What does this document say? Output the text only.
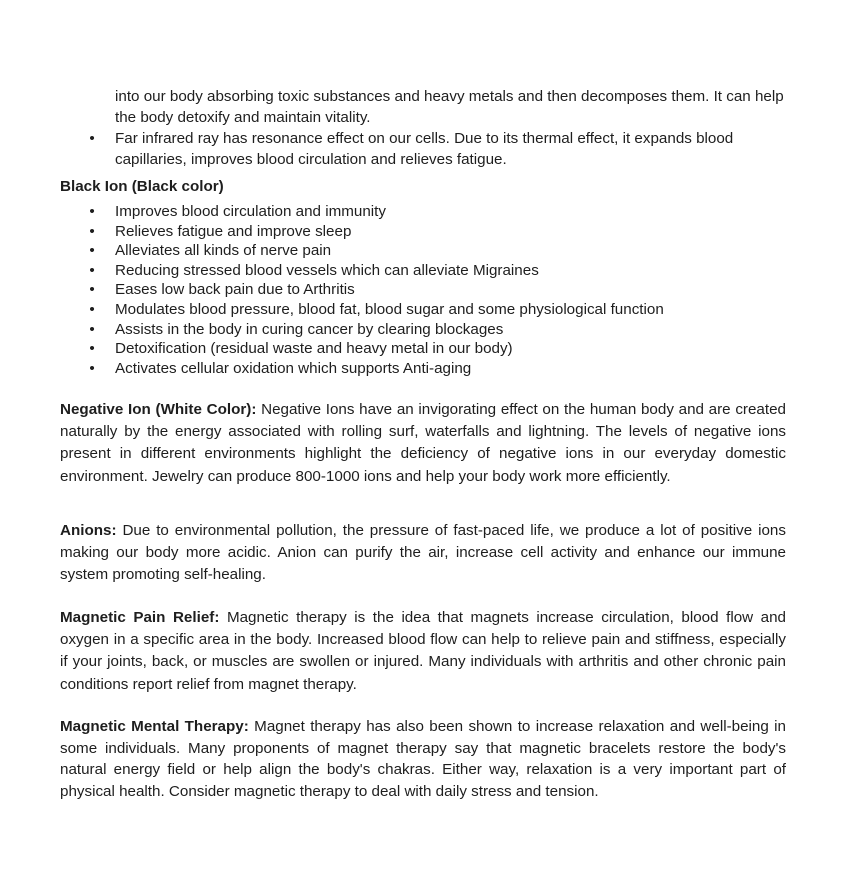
into our body absorbing toxic substances and heavy metals and then decomposes them. It can help the body detoxify and maintain vitality.
• Far infrared ray has resonance effect on our cells. Due to its thermal effect, it expands blood capillaries, improves blood circulation and relieves fatigue.
Black Ion (Black color)
• Improves blood circulation and immunity
• Relieves fatigue and improve sleep
• Alleviates all kinds of nerve pain
• Reducing stressed blood vessels which can alleviate Migraines
• Eases low back pain due to Arthritis
• Modulates blood pressure, blood fat, blood sugar and some physiological function
• Assists in the body in curing cancer by clearing blockages
• Detoxification (residual waste and heavy metal in our body)
• Activates cellular oxidation which supports Anti-aging
Negative Ion (White Color): Negative Ions have an invigorating effect on the human body and are created naturally by the energy associated with rolling surf, waterfalls and lightning. The levels of negative ions present in different environments highlight the deficiency of negative ions in our everyday domestic environment. Jewelry can produce 800-1000 ions and help your body work more efficiently.
Anions: Due to environmental pollution, the pressure of fast-paced life, we produce a lot of positive ions making our body more acidic. Anion can purify the air, increase cell activity and enhance our immune system promoting self-healing.
Magnetic Pain Relief: Magnetic therapy is the idea that magnets increase circulation, blood flow and oxygen in a specific area in the body. Increased blood flow can help to relieve pain and stiffness, especially if your joints, back, or muscles are swollen or injured. Many individuals with arthritis and other chronic pain conditions report relief from magnet therapy.
Magnetic Mental Therapy: Magnet therapy has also been shown to increase relaxation and well-being in some individuals. Many proponents of magnet therapy say that magnetic bracelets restore the body's natural energy field or help align the body's chakras. Either way, relaxation is a very important part of physical health. Consider magnetic therapy to deal with daily stress and tension.
